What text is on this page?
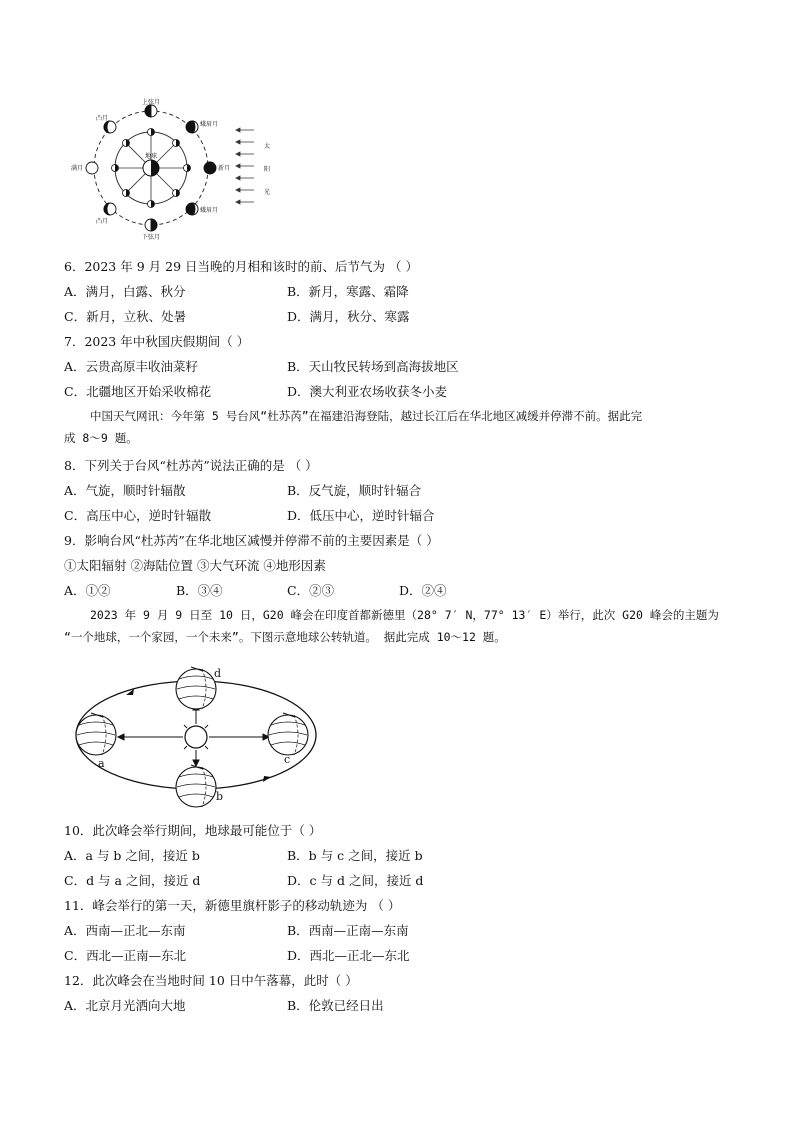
上弦月
蛾眉月
新月
蛾眉月
下弦月
凸月
满月
凸月
地球
太
阳
光
6．2023 年 9 月 29 日当晚的月相和该时的前、后节气为 （ ）
A．满月，白露、秋分	B．新月，寒露、霜降
C．新月，立秋、处暑	D．满月，秋分、寒露
7．2023 年中秋国庆假期间（ ）
A．云贵高原丰收油菜籽	B．天山牧民转场到高海拔地区
C．北疆地区开始采收棉花	D．澳大利亚农场收获冬小麦
中国天气网讯：今年第 5 号台风“杜苏芮”在福建沿海登陆，越过长江后在华北地区减缓并停滞不前。据此完
成 8～9 题。
8．下列关于台风“杜苏芮”说法正确的是 （ ）
A．气旋，顺时针辐散	B．反气旋，顺时针辐合
C．高压中心，逆时针辐散	D．低压中心，逆时针辐合
9．影响台风“杜苏芮”在华北地区减慢并停滞不前的主要因素是（ ）
①太阳辐射 ②海陆位置 ③大气环流 ④地形因素
A．①②	B．③④	C．②③	D．②④
2023 年 9 月 9 日至 10 日，G20 峰会在印度首都新德里（28° 7′ N，77° 13′ E）举行，此次 G20 峰会的主题为
“一个地球，一个家园，一个未来”。下图示意地球公转轨道。 据此完成 10～12 题。
a
b
c
d
10．此次峰会举行期间，地球最可能位于（ ）
A．a 与 b 之间，接近 b	B．b 与 c 之间，接近 b
C．d 与 a 之间，接近 d	D．c 与 d 之间，接近 d
11．峰会举行的第一天，新德里旗杆影子的移动轨迹为 （ ）
A．西南—正北—东南	B．西南—正南—东南
C．西北—正南—东北	D．西北—正北—东北
12．此次峰会在当地时间 10 日中午落幕，此时（ ）
A．北京月光洒向大地	B．伦敦已经日出
